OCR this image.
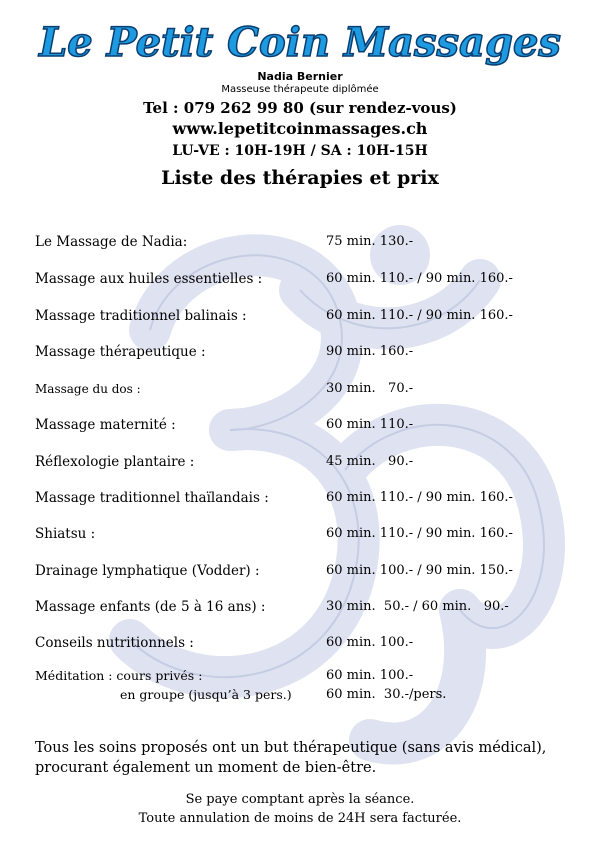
Le Petit Coin Massages
Nadia Bernier
Masseuse thérapeute diplômée
Tel : 079 262 99 80 (sur rendez-vous)
www.lepetitcoinmassages.ch
LU-VE : 10H-19H / SA : 10H-15H
Liste des thérapies et prix
Le Massage de Nadia:	75 min. 130.-
Massage aux huiles essentielles :	60 min. 110.- / 90 min. 160.-
Massage traditionnel balinais :	60 min. 110.- / 90 min. 160.-
Massage thérapeutique :	90 min. 160.-
Massage du dos :	30 min.   70.-
Massage maternité :	60 min. 110.-
Réflexologie plantaire :	45 min.   90.-
Massage traditionnel thaïlandais :	60 min. 110.- / 90 min. 160.-
Shiatsu :	60 min. 110.- / 90 min. 160.-
Drainage lymphatique (Vodder) :	60 min. 100.- / 90 min. 150.-
Massage enfants (de 5 à 16 ans) :	30 min.  50.- / 60 min.   90.-
Conseils nutritionnels :	60 min. 100.-
Méditation : cours privés :	60 min. 100.-
en groupe (jusqu’à 3 pers.)	60 min.  30.-/pers.
Tous les soins proposés ont un but thérapeutique (sans avis médical),
procurant également un moment de bien-être.
Se paye comptant après la séance.
Toute annulation de moins de 24H sera facturée.
